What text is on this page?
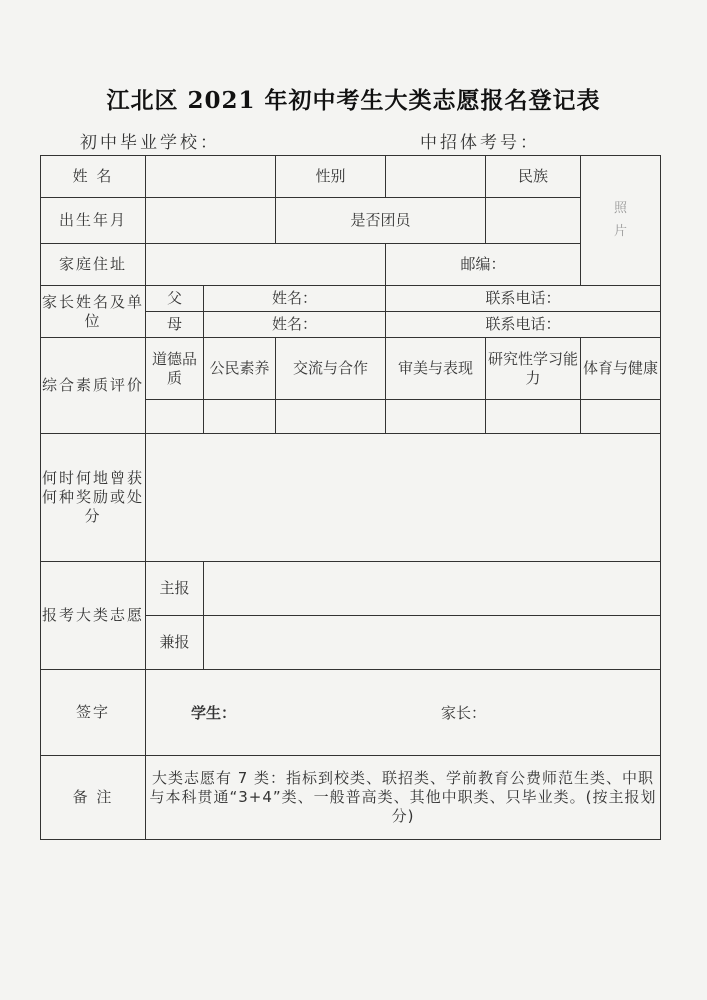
江北区 2021 年初中考生大类志愿报名登记表
初中毕业学校：	中招体考号：
姓 名			性别		民族	照片
出生年月			是否团员			
家庭住址				邮编：		
家长姓名及单位	父	姓名：		联系电话：		
	母	姓名：		联系电话：		
综合素质评价	道德品质	公民素养	交流与合作	审美与表现	研究性学习能力	体育与健康

何时何地曾获何种奖励或处分						
报考大类志愿	主报					
	兼报					
签字	学生： 家长：					

备 注	大类志愿有 7 类：指标到校类、联招类、学前教育公费师范生类、中职与本科贯通“3+4”类、一般普高类、其他中职类、只毕业类。(按主报划分)					
